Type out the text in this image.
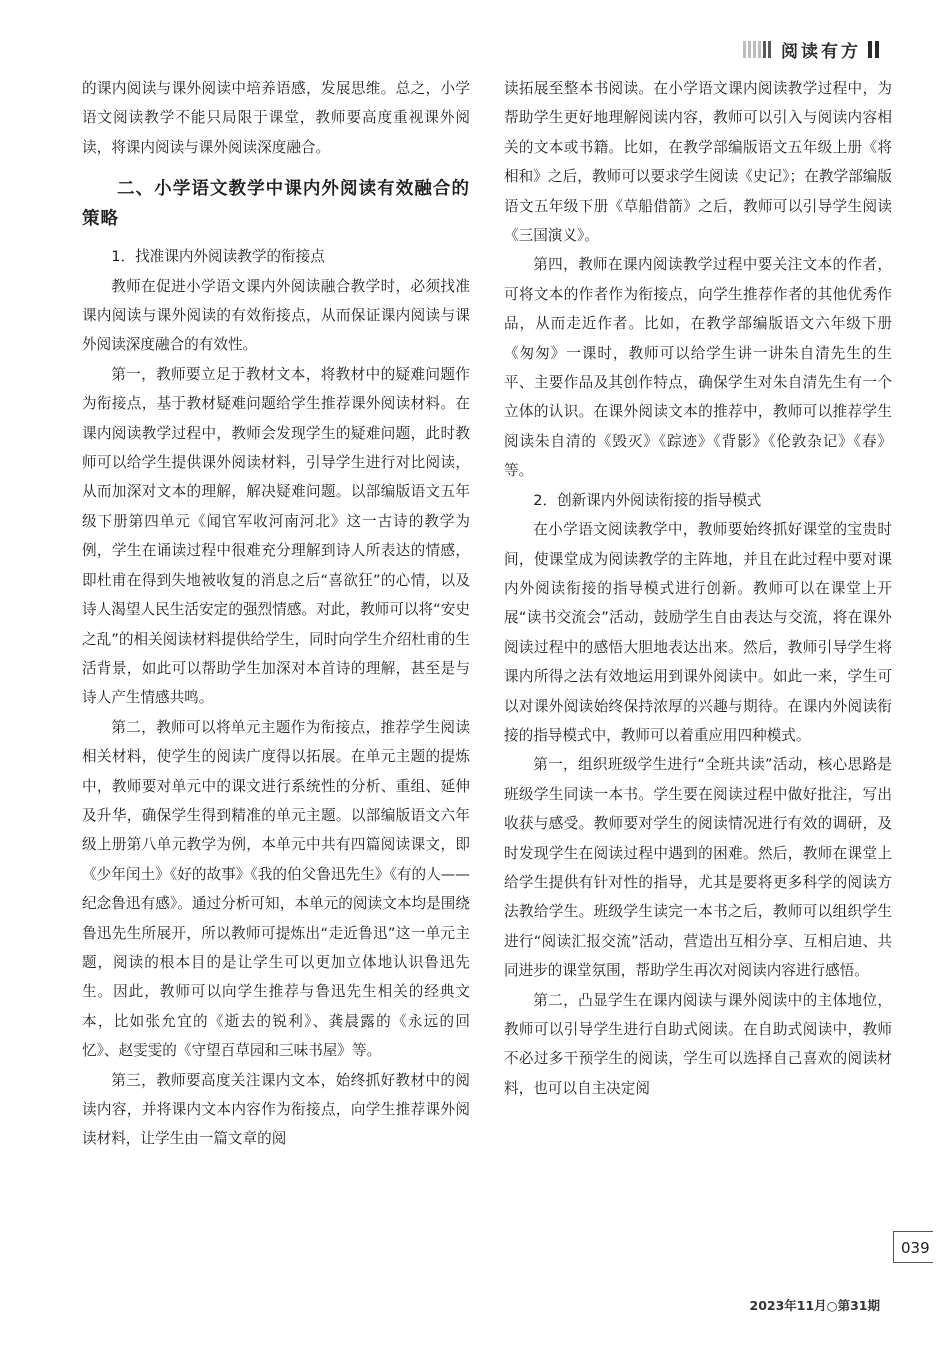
阅读有方

的课内阅读与课外阅读中培养语感，发展思维。总之，小学语文阅读教学不能只局限于课堂，教师要高度重视课外阅读，将课内阅读与课外阅读深度融合。

二、小学语文教学中课内外阅读有效融合的策略
1．找准课内外阅读教学的衔接点

教师在促进小学语文课内外阅读融合教学时，必须找准课内阅读与课外阅读的有效衔接点，从而保证课内阅读与课外阅读深度融合的有效性。

第一，教师要立足于教材文本，将教材中的疑难问题作为衔接点，基于教材疑难问题给学生推荐课外阅读材料。在课内阅读教学过程中，教师会发现学生的疑难问题，此时教师可以给学生提供课外阅读材料，引导学生进行对比阅读，从而加深对文本的理解，解决疑难问题。以部编版语文五年级下册第四单元《闻官军收河南河北》这一古诗的教学为例，学生在诵读过程中很难充分理解到诗人所表达的情感，即杜甫在得到失地被收复的消息之后“喜欲狂”的心情，以及诗人渴望人民生活安定的强烈情感。对此，教师可以将“安史之乱”的相关阅读材料提供给学生，同时向学生介绍杜甫的生活背景，如此可以帮助学生加深对本首诗的理解，甚至是与诗人产生情感共鸣。

第二，教师可以将单元主题作为衔接点，推荐学生阅读相关材料，使学生的阅读广度得以拓展。在单元主题的提炼中，教师要对单元中的课文进行系统性的分析、重组、延伸及升华，确保学生得到精准的单元主题。以部编版语文六年级上册第八单元教学为例，本单元中共有四篇阅读课文，即《少年闰土》《好的故事》《我的伯父鲁迅先生》《有的人——纪念鲁迅有感》。通过分析可知，本单元的阅读文本均是围绕鲁迅先生所展开，所以教师可提炼出“走近鲁迅”这一单元主题，阅读的根本目的是让学生可以更加立体地认识鲁迅先生。因此，教师可以向学生推荐与鲁迅先生相关的经典文本，比如张允宜的《逝去的锐利》、龚晨露的《永远的回忆》、赵雯雯的《守望百草园和三味书屋》等。

第三，教师要高度关注课内文本，始终抓好教材中的阅读内容，并将课内文本内容作为衔接点，向学生推荐课外阅读材料，让学生由一篇文章的阅

读拓展至整本书阅读。在小学语文课内阅读教学过程中，为帮助学生更好地理解阅读内容，教师可以引入与阅读内容相关的文本或书籍。比如，在教学部编版语文五年级上册《将相和》之后，教师可以要求学生阅读《史记》；在教学部编版语文五年级下册《草船借箭》之后，教师可以引导学生阅读《三国演义》。

第四，教师在课内阅读教学过程中要关注文本的作者，可将文本的作者作为衔接点，向学生推荐作者的其他优秀作品，从而走近作者。比如，在教学部编版语文六年级下册《匆匆》一课时，教师可以给学生讲一讲朱自清先生的生平、主要作品及其创作特点，确保学生对朱自清先生有一个立体的认识。在课外阅读文本的推荐中，教师可以推荐学生阅读朱自清的《毁灭》《踪迹》《背影》《伦敦杂记》《春》等。

2．创新课内外阅读衔接的指导模式

在小学语文阅读教学中，教师要始终抓好课堂的宝贵时间，使课堂成为阅读教学的主阵地，并且在此过程中要对课内外阅读衔接的指导模式进行创新。教师可以在课堂上开展“读书交流会”活动，鼓励学生自由表达与交流，将在课外阅读过程中的感悟大胆地表达出来。然后，教师引导学生将课内所得之法有效地运用到课外阅读中。如此一来，学生可以对课外阅读始终保持浓厚的兴趣与期待。在课内外阅读衔接的指导模式中，教师可以着重应用四种模式。

第一，组织班级学生进行“全班共读”活动，核心思路是班级学生同读一本书。学生要在阅读过程中做好批注，写出收获与感受。教师要对学生的阅读情况进行有效的调研，及时发现学生在阅读过程中遇到的困难。然后，教师在课堂上给学生提供有针对性的指导，尤其是要将更多科学的阅读方法教给学生。班级学生读完一本书之后，教师可以组织学生进行“阅读汇报交流”活动，营造出互相分享、互相启迪、共同进步的课堂氛围，帮助学生再次对阅读内容进行感悟。

第二，凸显学生在课内阅读与课外阅读中的主体地位，教师可以引导学生进行自助式阅读。在自助式阅读中，教师不必过多干预学生的阅读，学生可以选择自己喜欢的阅读材料，也可以自主决定阅

039
2023年11月○第31期
